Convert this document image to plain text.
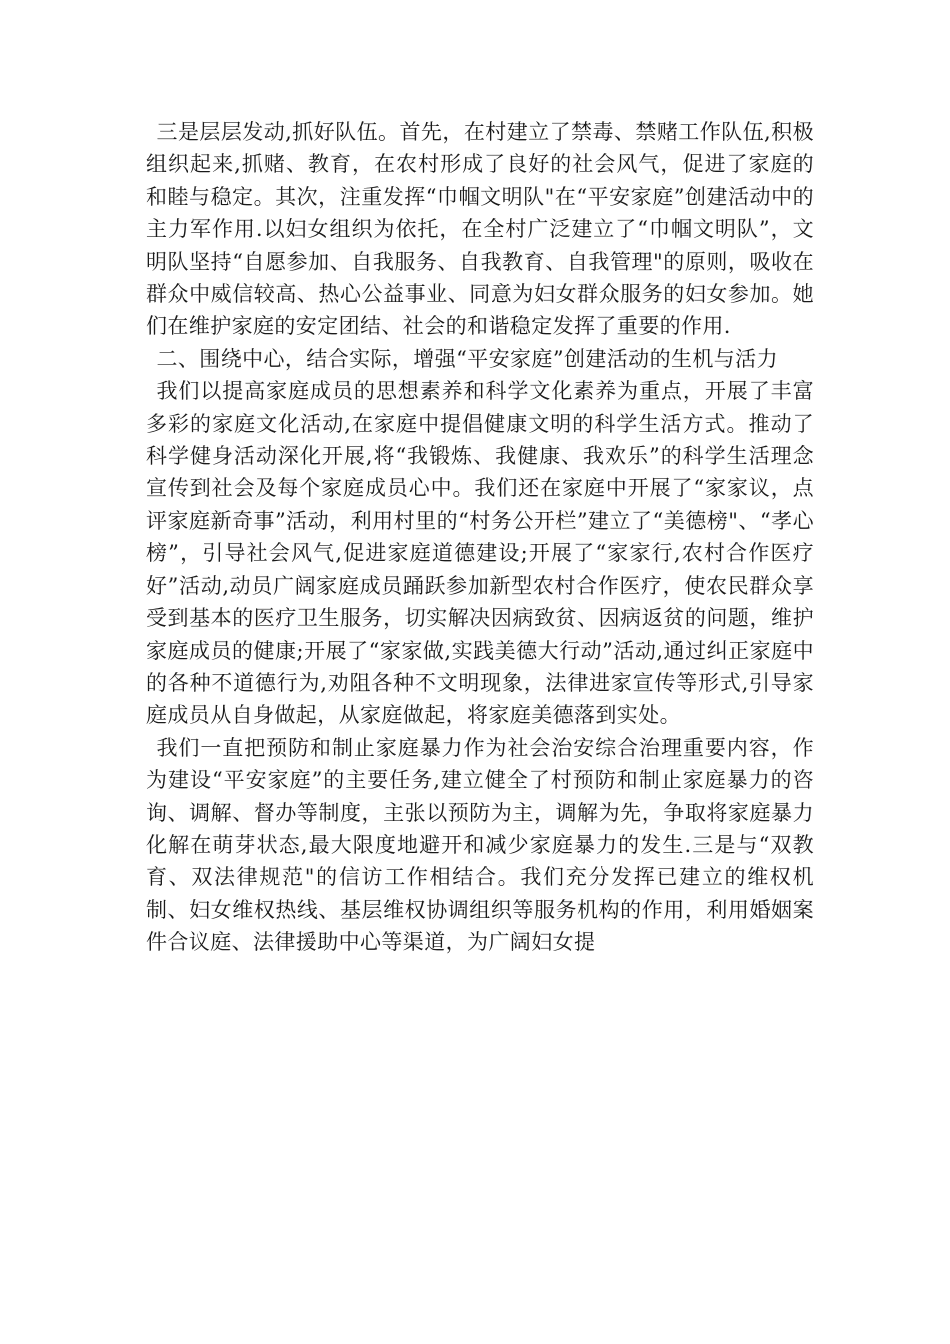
三是层层发动,抓好队伍。首先，在村建立了禁毒、禁赌工作队伍,积极组织起来,抓赌、教育，在农村形成了良好的社会风气，促进了家庭的和睦与稳定。其次，注重发挥“巾帼文明队"在“平安家庭”创建活动中的主力军作用.以妇女组织为依托，在全村广泛建立了“巾帼文明队”，文明队坚持“自愿参加、自我服务、自我教育、自我管理"的原则，吸收在群众中威信较高、热心公益事业、同意为妇女群众服务的妇女参加。她们在维护家庭的安定团结、社会的和谐稳定发挥了重要的作用.

二、围绕中心，结合实际，增强“平安家庭”创建活动的生机与活力

我们以提高家庭成员的思想素养和科学文化素养为重点，开展了丰富多彩的家庭文化活动,在家庭中提倡健康文明的科学生活方式。推动了科学健身活动深化开展,将“我锻炼、我健康、我欢乐”的科学生活理念宣传到社会及每个家庭成员心中。我们还在家庭中开展了“家家议，点评家庭新奇事”活动，利用村里的“村务公开栏”建立了“美德榜"、“孝心榜”，引导社会风气,促进家庭道德建设;开展了“家家行,农村合作医疗好”活动,动员广阔家庭成员踊跃参加新型农村合作医疗，使农民群众享受到基本的医疗卫生服务，切实解决因病致贫、因病返贫的问题，维护家庭成员的健康;开展了“家家做,实践美德大行动”活动,通过纠正家庭中的各种不道德行为,劝阻各种不文明现象，法律进家宣传等形式,引导家庭成员从自身做起，从家庭做起，将家庭美德落到实处。

我们一直把预防和制止家庭暴力作为社会治安综合治理重要内容，作为建设“平安家庭”的主要任务,建立健全了村预防和制止家庭暴力的咨询、调解、督办等制度，主张以预防为主，调解为先，争取将家庭暴力化解在萌芽状态,最大限度地避开和减少家庭暴力的发生.三是与“双教育、双法律规范"的信访工作相结合。我们充分发挥已建立的维权机制、妇女维权热线、基层维权协调组织等服务机构的作用，利用婚姻案件合议庭、法律援助中心等渠道，为广阔妇女提
